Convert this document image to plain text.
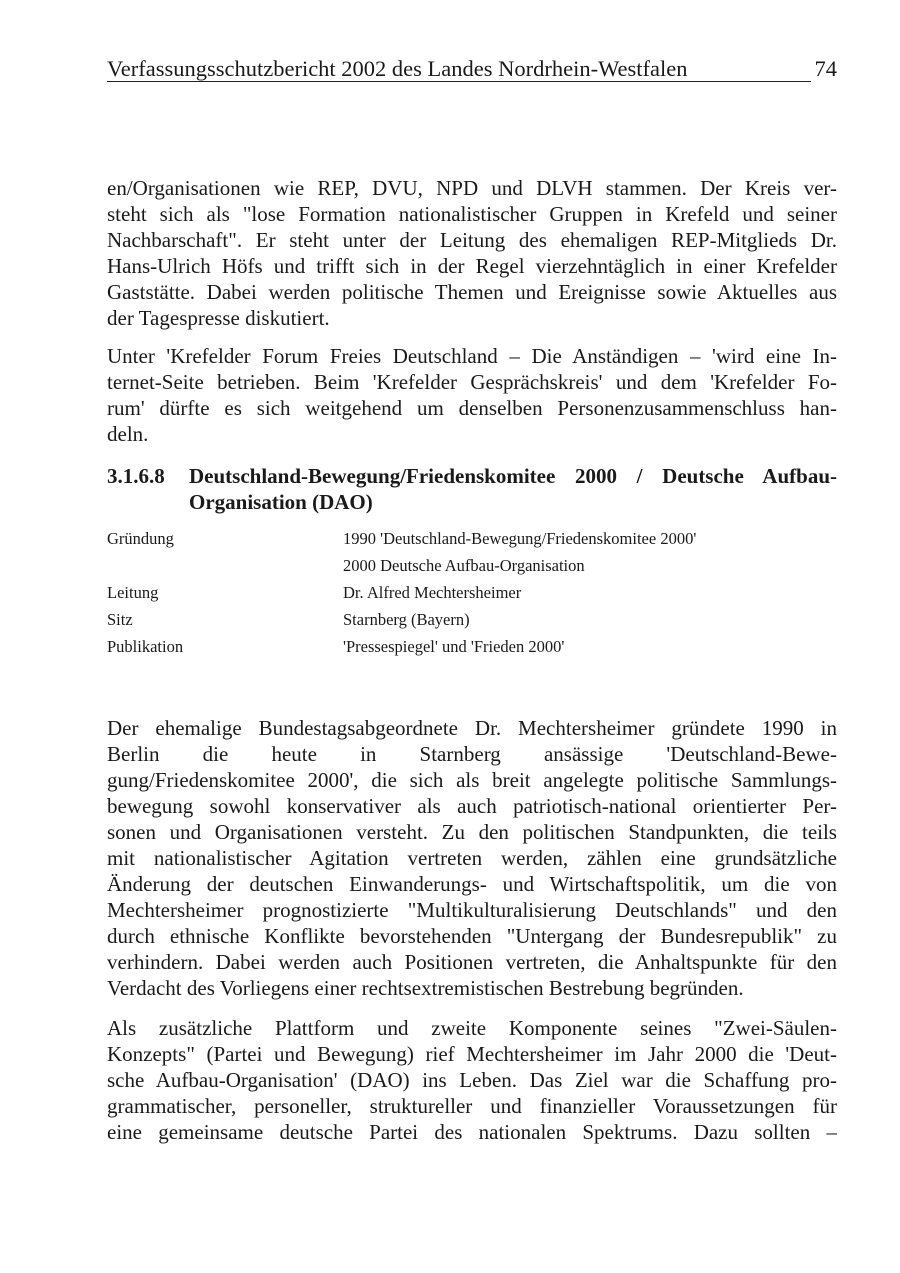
Verfassungsschutzbericht 2002 des Landes Nordrhein-Westfalen	74
en/Organisationen wie REP, DVU, NPD und DLVH stammen. Der Kreis ver-
steht sich als "lose Formation nationalistischer Gruppen in Krefeld und seiner
Nachbarschaft". Er steht unter der Leitung des ehemaligen REP-Mitglieds Dr.
Hans-Ulrich Höfs und trifft sich in der Regel vierzehntäglich in einer Krefelder
Gaststätte. Dabei werden politische Themen und Ereignisse sowie Aktuelles aus
der Tagespresse diskutiert.
Unter 'Krefelder Forum Freies Deutschland – Die Anständigen – 'wird eine In-
ternet-Seite betrieben. Beim 'Krefelder Gesprächskreis' und dem 'Krefelder Fo-
rum' dürfte es sich weitgehend um denselben Personenzusammenschluss han-
deln.
3.1.6.8 Deutschland-Bewegung/Friedenskomitee 2000 / Deutsche Aufbau-
Organisation (DAO)
Gründung	1990 'Deutschland-Bewegung/Friedenskomitee 2000'
2000 Deutsche Aufbau-Organisation
Leitung	Dr. Alfred Mechtersheimer
Sitz	Starnberg (Bayern)
Publikation	'Pressespiegel' und 'Frieden 2000'
Der ehemalige Bundestagsabgeordnete Dr. Mechtersheimer gründete 1990 in
Berlin die heute in Starnberg ansässige 'Deutschland-Bewe-
gung/Friedenskomitee 2000', die sich als breit angelegte politische Sammlungs-
bewegung sowohl konservativer als auch patriotisch-national orientierter Per-
sonen und Organisationen versteht. Zu den politischen Standpunkten, die teils
mit nationalistischer Agitation vertreten werden, zählen eine grundsätzliche
Änderung der deutschen Einwanderungs- und Wirtschaftspolitik, um die von
Mechtersheimer prognostizierte "Multikulturalisierung Deutschlands" und den
durch ethnische Konflikte bevorstehenden "Untergang der Bundesrepublik" zu
verhindern. Dabei werden auch Positionen vertreten, die Anhaltspunkte für den
Verdacht des Vorliegens einer rechtsextremistischen Bestrebung begründen.
Als zusätzliche Plattform und zweite Komponente seines "Zwei-Säulen-
Konzepts" (Partei und Bewegung) rief Mechtersheimer im Jahr 2000 die 'Deut-
sche Aufbau-Organisation' (DAO) ins Leben. Das Ziel war die Schaffung pro-
grammatischer, personeller, struktureller und finanzieller Voraussetzungen für
eine gemeinsame deutsche Partei des nationalen Spektrums. Dazu sollten –
